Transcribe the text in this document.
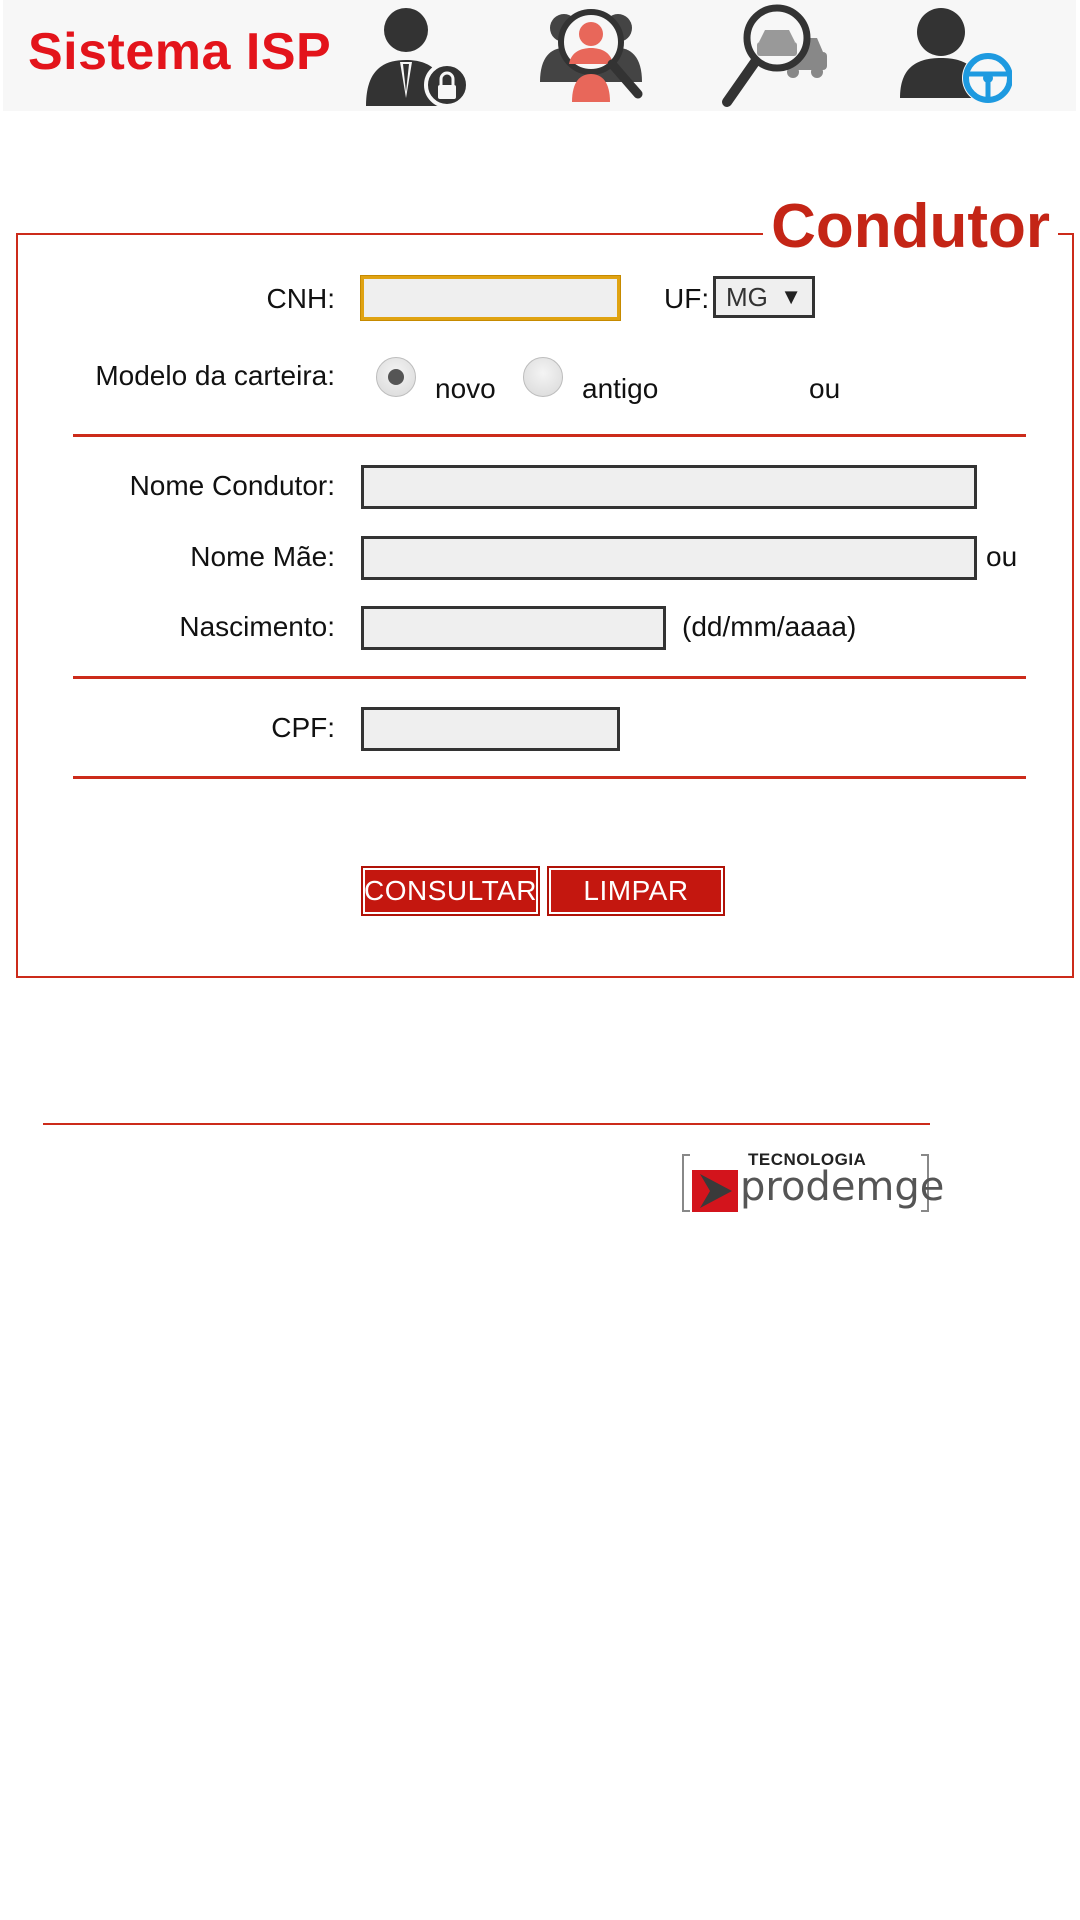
Sistema ISP
Condutor
CNH:	UF: MG ▼
Modelo da carteira:	novo	antigo	ou
Nome Condutor:
Nome Mãe:	ou
Nascimento:	(dd/mm/aaaa)
CPF:
CONSULTAR	LIMPAR
TECNOLOGIA
prodemge
